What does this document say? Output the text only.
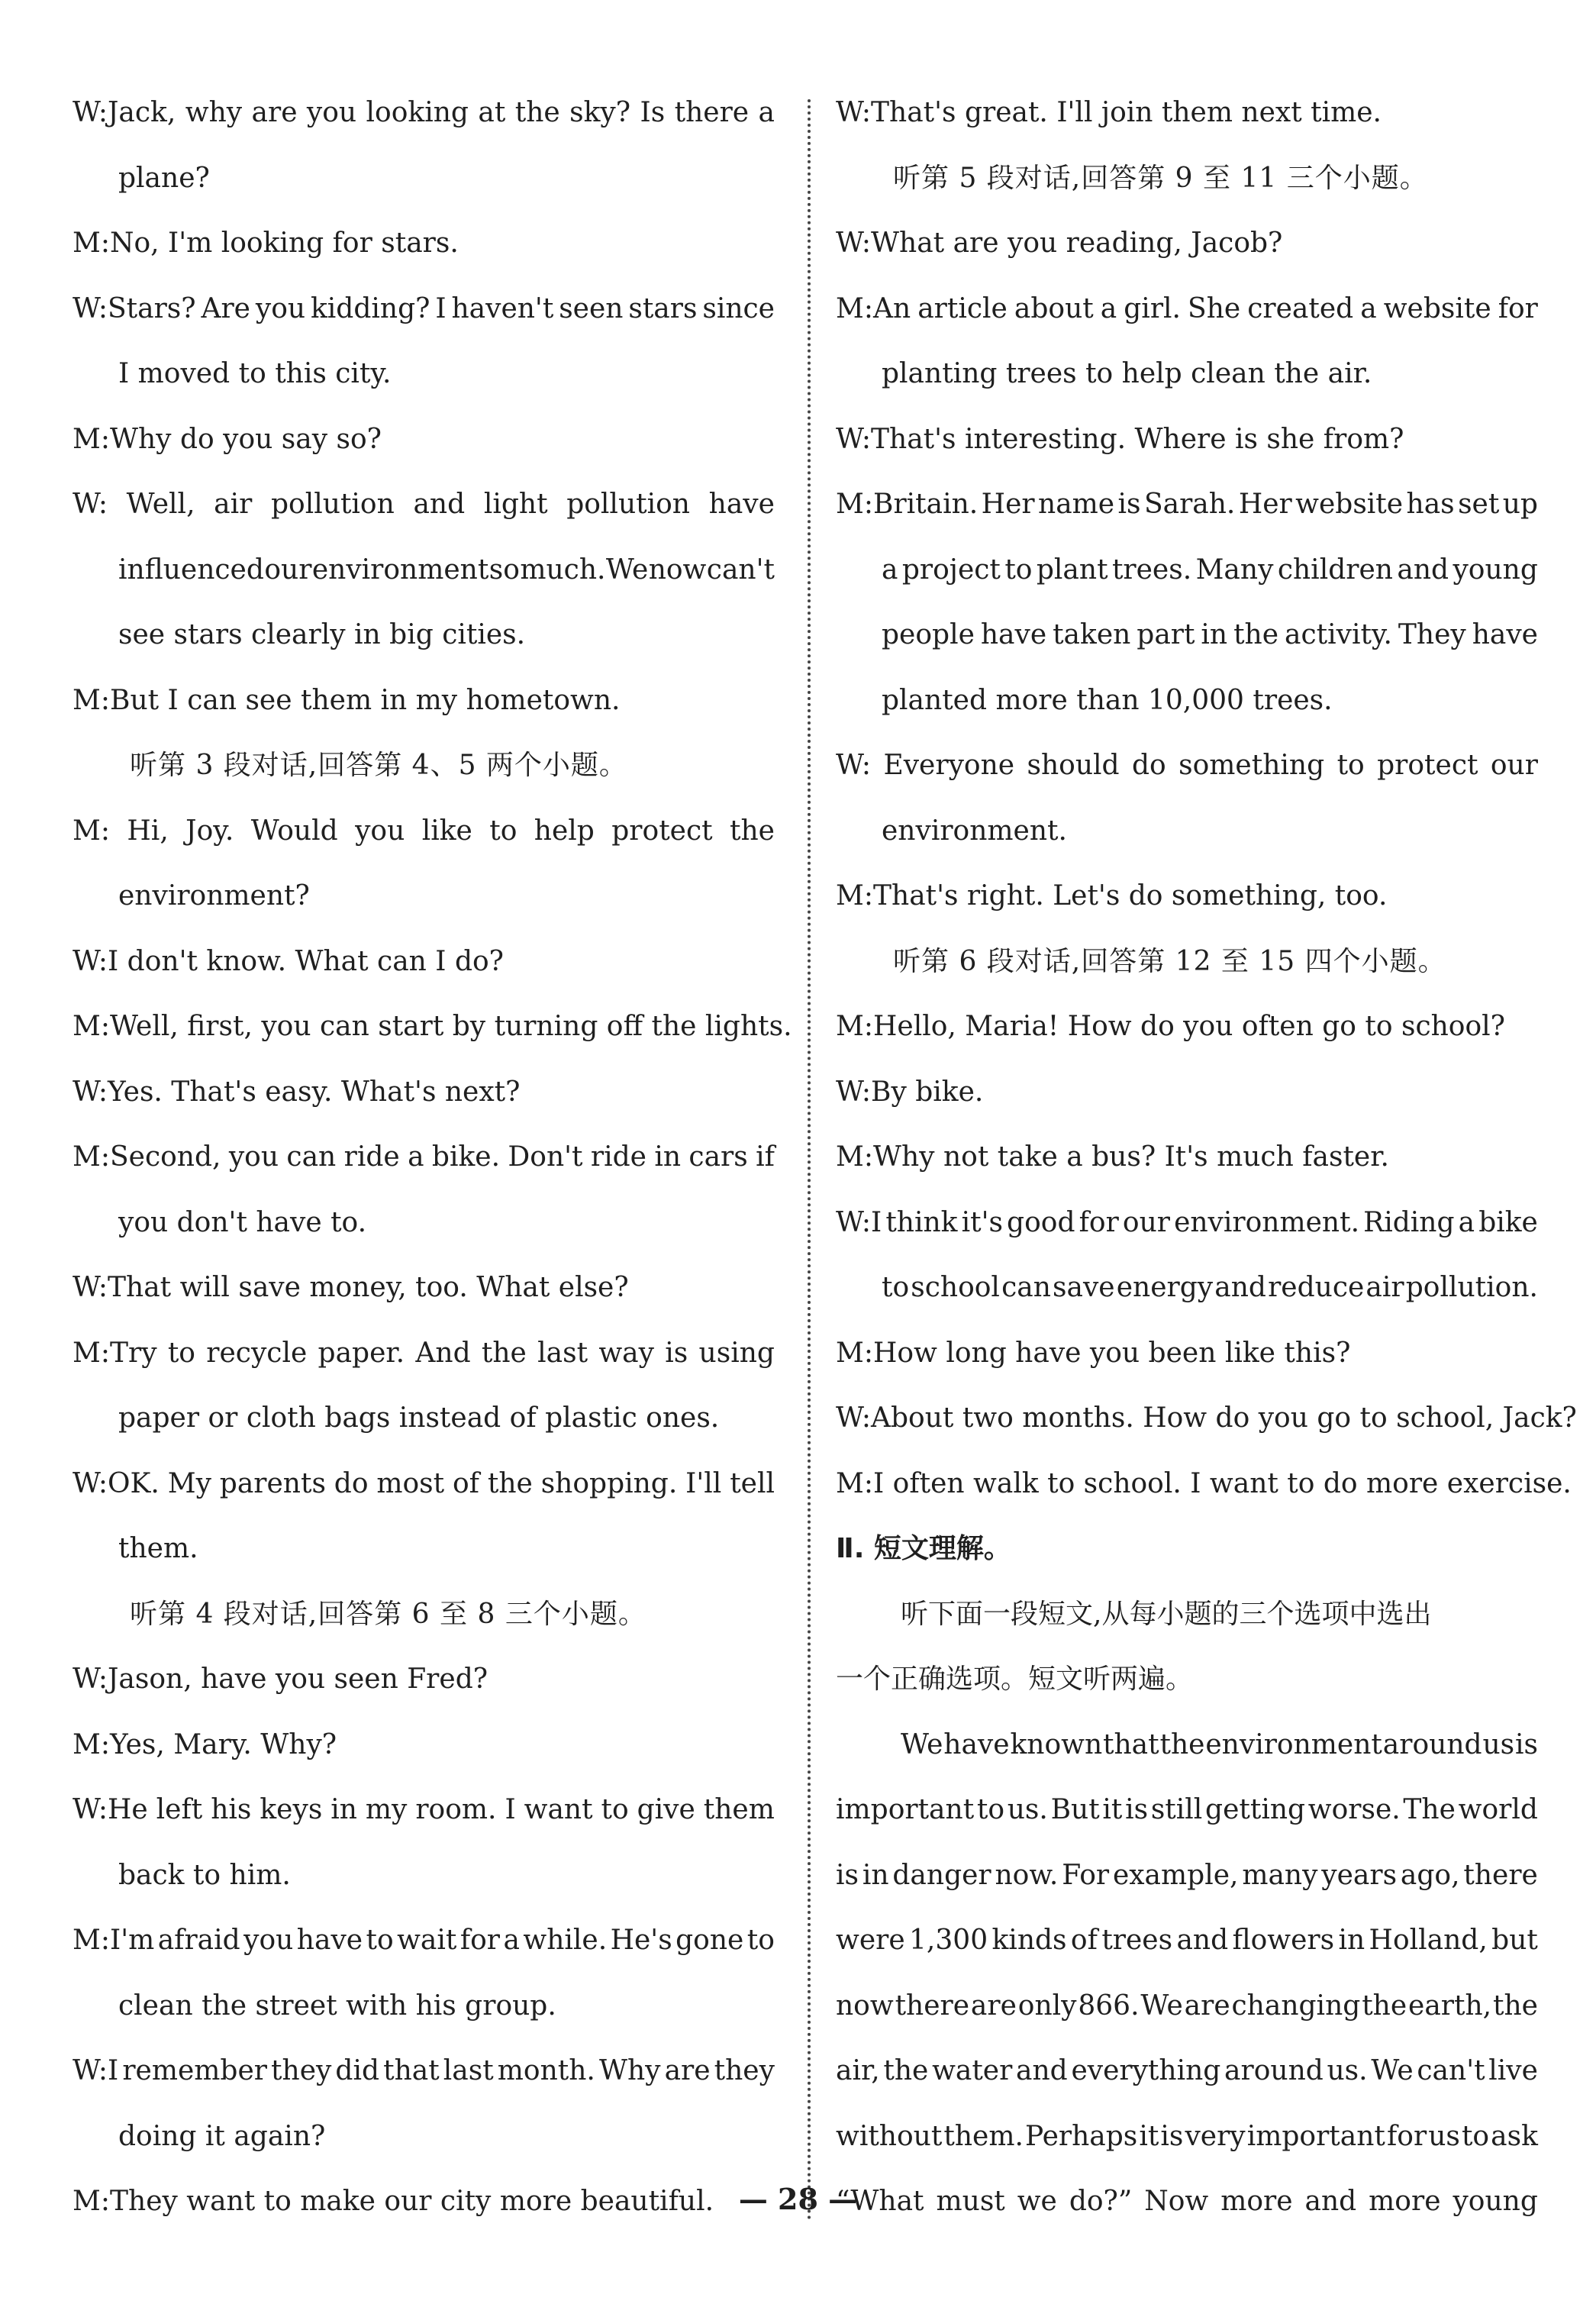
W:Jack, why are you looking at the sky? Is there a
plane?
M:No, I'm looking for stars.
W:Stars? Are you kidding? I haven't seen stars since
I moved to this city.
M:Why do you say so?
W: Well, air pollution and light pollution have
influenced our environment so much. We now can't
see stars clearly in big cities.
M:But I can see them in my hometown.
听第 3 段对话,回答第 4、5 两个小题。
M: Hi, Joy. Would you like to help protect the
environment?
W:I don't know. What can I do?
M:Well, first, you can start by turning off the lights.
W:Yes. That's easy. What's next?
M:Second, you can ride a bike. Don't ride in cars if
you don't have to.
W:That will save money, too. What else?
M:Try to recycle paper. And the last way is using
paper or cloth bags instead of plastic ones.
W:OK. My parents do most of the shopping. I'll tell
them.
听第 4 段对话,回答第 6 至 8 三个小题。
W:Jason, have you seen Fred?
M:Yes, Mary. Why?
W:He left his keys in my room. I want to give them
back to him.
M:I'm afraid you have to wait for a while. He's gone to
clean the street with his group.
W:I remember they did that last month. Why are they
doing it again?
M:They want to make our city more beautiful.
W:That's great. I'll join them next time.
听第 5 段对话,回答第 9 至 11 三个小题。
W:What are you reading, Jacob?
M:An article about a girl. She created a website for
planting trees to help clean the air.
W:That's interesting. Where is she from?
M:Britain. Her name is Sarah. Her website has set up
a project to plant trees. Many children and young
people have taken part in the activity. They have
planted more than 10,000 trees.
W: Everyone should do something to protect our
environment.
M:That's right. Let's do something, too.
听第 6 段对话,回答第 12 至 15 四个小题。
M:Hello, Maria! How do you often go to school?
W:By bike.
M:Why not take a bus? It's much faster.
W:I think it's good for our environment. Riding a bike
to school can save energy and reduce air pollution.
M:How long have you been like this?
W:About two months. How do you go to school, Jack?
M:I often walk to school. I want to do more exercise.
Ⅱ. 短文理解。
听下面一段短文,从每小题的三个选项中选出
一个正确选项。短文听两遍。
We have known that the environment around us is
important to us. But it is still getting worse. The world
is in danger now. For example, many years ago, there
were 1,300 kinds of trees and flowers in Holland, but
now there are only 866. We are changing the earth, the
air, the water and everything around us. We can't live
without them. Perhaps it is very important for us to ask
“What must we do?” Now more and more young
— 28 —
